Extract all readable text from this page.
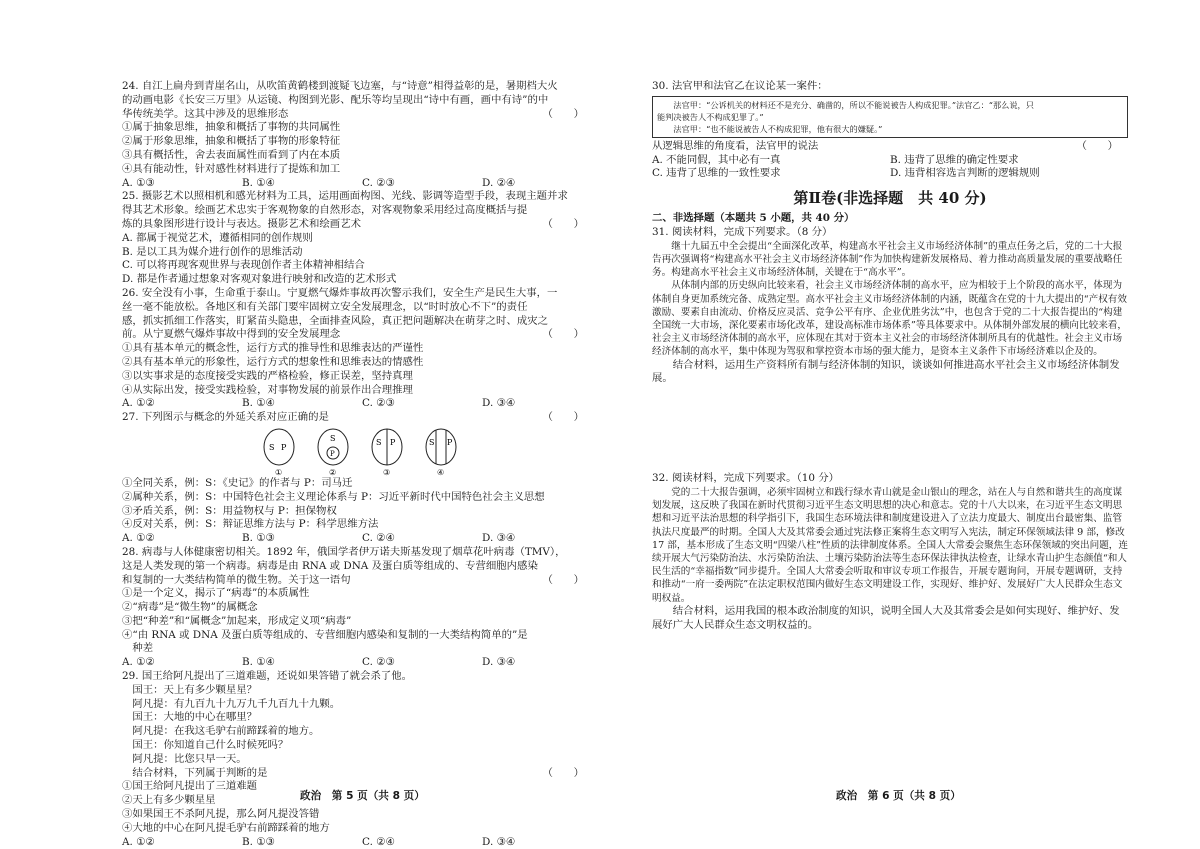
24. 自江上扁舟到青崖名山，从吹笛黄鹤楼到渡疑飞边塞，与“诗意”相得益彰的是，暑期档大火

的动画电影《长安三万里》从运镜、构图到光影、配乐等均呈现出“诗中有画，画中有诗”的中

华传统美学。这其中涉及的思维形态	（　　）

①属于抽象思维，抽象和概括了事物的共同属性

②属于形象思维，抽象和概括了事物的形象特征

③具有概括性，舍去表面属性而看到了内在本质

④具有能动性，针对感性材料进行了提炼和加工

A. ①③	B. ①④	C. ②③	D. ②④

25. 摄影艺术以照相机和感光材料为工具，运用画面构图、光线、影调等造型手段，表现主题并求

得其艺术形象。绘画艺术忠实于客观物象的自然形态，对客观物象采用经过高度概括与提

炼的具象图形进行设计与表达。摄影艺术和绘画艺术	（　　）

A. 都属于视觉艺术，遵循相同的创作规则

B. 是以工具为媒介进行创作的思维活动

C. 可以将再现客观世界与表现创作者主体精神相结合

D. 都是作者通过想象对客观对象进行映射和改造的艺术形式

26. 安全没有小事，生命重于泰山。宁夏燃气爆炸事故再次警示我们，安全生产是民生大事，一

丝一毫不能放松。各地区和有关部门要牢固树立安全发展理念，以“时时放心不下”的责任

感，抓实抓细工作落实，盯紧苗头隐患，全面排查风险，真正把问题解决在萌芽之时、成灾之

前。从宁夏燃气爆炸事故中得到的安全发展理念	（　　）

①具有基本单元的概念性，运行方式的推导性和思维表达的严谨性

②具有基本单元的形象性，运行方式的想象性和思维表达的情感性

③以实事求是的态度接受实践的严格检验，修正误差，坚持真理

④从实际出发，接受实践检验，对事物发展的前景作出合理推理

A. ①②	B. ①④	C. ②③	D. ③④

27. 下列图示与概念的外延关系对应正确的是	（　　）

S P
①
S
P
②
S P
③
S P
④

①全同关系，例：S：《史记》的作者与 P：司马迁

②属种关系，例：S：中国特色社会主义理论体系与 P：习近平新时代中国特色社会主义思想

③矛盾关系，例：S：用益物权与 P：担保物权

④反对关系，例：S：辩证思维方法与 P：科学思维方法

A. ①②	B. ①③	C. ②④	D. ③④

28. 病毒与人体健康密切相关。1892 年，俄国学者伊万诺夫斯基发现了烟草花叶病毒（TMV），

这是人类发现的第一个病毒。病毒是由 RNA 或 DNA 及蛋白质等组成的、专营细胞内感染

和复制的一大类结构简单的微生物。关于这一语句	（　　）

①是一个定义，揭示了“病毒”的本质属性

②“病毒”是“微生物”的属概念

③把“种差”和“属概念”加起来，形成定义项“病毒”

④“由 RNA 或 DNA 及蛋白质等组成的、专营细胞内感染和复制的一大类结构简单的”是

种差

A. ①②	B. ①④	C. ②③	D. ③④

29. 国王给阿凡提出了三道难题，还说如果答错了就会杀了他。

国王：天上有多少颗星星？

阿凡提：有九百九十九万九千九百九十九颗。

国王：大地的中心在哪里？

阿凡提：在我这毛驴右前蹄踩着的地方。

国王：你知道自己什么时候死吗？

阿凡提：比您只早一天。

结合材料，下列属于判断的是	（　　）

①国王给阿凡提出了三道难题

②天上有多少颗星星

③如果国王不杀阿凡提，那么阿凡提没答错

④大地的中心在阿凡提毛驴右前蹄踩着的地方

A. ①②	B. ①③	C. ②④	D. ③④
政治　第 5 页（共 8 页）

30. 法官甲和法官乙在议论某一案件：

法官甲：“公诉机关的材料还不是充分、确凿的，所以不能说被告人构成犯罪。”法官乙：“那么说，只
能判决被告人不构成犯罪了。”
法官甲：“也不能说被告人不构成犯罪，他有很大的嫌疑。”

从逻辑思维的角度看，法官甲的说法	（　　）

A. 不能同假，其中必有一真	B. 违背了思维的确定性要求
C. 违背了思维的一致性要求	D. 违背相容选言判断的逻辑规则
第Ⅱ卷(非选择题　共 40 分)
二、非选择题（本题共 5 小题，共 40 分）

31. 阅读材料，完成下列要求。（8 分）

继十九届五中全会提出“全面深化改革，构建高水平社会主义市场经济体制”的重点任务之后，党的二十大报告再次强调将“构建高水平社会主义市场经济体制”作为加快构建新发展格局、着力推动高质量发展的重要战略任务。构建高水平社会主义市场经济体制，关键在于“高水平”。

从体制内部的历史纵向比较来看，社会主义市场经济体制的高水平，应为相较于上个阶段的高水平，体现为体制自身更加系统完备、成熟定型。高水平社会主义市场经济体制的内涵，既蕴含在党的十九大提出的“产权有效激励、要素自由流动、价格反应灵活、竞争公平有序、企业优胜劣汰”中，也包含于党的二十大报告提出的“构建全国统一大市场，深化要素市场化改革，建设高标准市场体系”等具体要求中。从体制外部发展的横向比较来看，社会主义市场经济体制的高水平，应体现在其对于资本主义社会的市场经济体制所具有的优越性。社会主义市场经济体制的高水平，集中体现为驾驭和掌控资本市场的强大能力，是资本主义条件下市场经济难以企及的。

结合材料，运用生产资料所有制与经济体制的知识，谈谈如何推进高水平社会主义市场经济体制发展。

32. 阅读材料，完成下列要求。（10 分）

党的二十大报告强调，必须牢固树立和践行绿水青山就是金山银山的理念，站在人与自然和谐共生的高度谋划发展，这反映了我国在新时代贯彻习近平生态文明思想的决心和意志。党的十八大以来，在习近平生态文明思想和习近平法治思想的科学指引下，我国生态环境法律和制度建设进入了立法力度最大、制度出台最密集、监管执法尺度最严的时期。全国人大及其常委会通过宪法修正案将生态文明写入宪法，制定环保领域法律 9 部，修改 17 部，基本形成了生态文明“四梁八柱”性质的法律制度体系。全国人大常委会聚焦生态环保领域的突出问题，连续开展大气污染防治法、水污染防治法、土壤污染防治法等生态环保法律执法检查，让绿水青山护生态颜值“和人民生活的“幸福指数”同步提升。全国人大常委会听取和审议专项工作报告，开展专题询问，开展专题调研，支持和推动“一府一委两院”在法定职权范围内做好生态文明建设工作，实现好、维护好、发展好广大人民群众生态文明权益。

结合材料，运用我国的根本政治制度的知识，说明全国人大及其常委会是如何实现好、维护好、发展好广大人民群众生态文明权益的。

政治　第 6 页（共 8 页）
